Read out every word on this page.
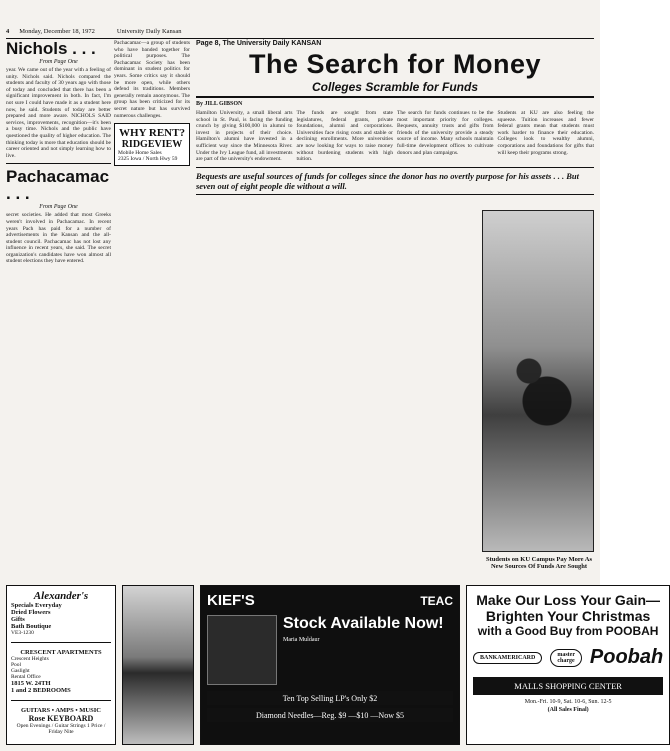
4 Monday, December 18, 1972	University Daily Kansan
Nichols . . .
From Page One

year. We came out of the year with a feeling of unity. Nichols said. Nichols compared the students and faculty of 30 years ago with those of today and concluded that there has been a significant improvement in both. In fact, I'm not sure I could have made it as a student here now, he said. Students of today are better prepared and more aware. NICHOLS SAID services, improvements, recognition—it's been a busy time. Nichols and the public have questioned the quality of higher education. The thinking today is more that education should be career oriented and not simply learning how to live.

Pachacamac . . .
From Page One

secret societies. He added that most Greeks weren't involved in Pachacamac. In recent years Pach has paid for a number of advertisements in the Kansan and the all-student council. Pachacamac has not lost any influence in recent years, she said. The secret organization's candidates have won almost all student elections they have entered.

Pachacamac—a group of students who have banded together for political purposes. The Pachacamac Society has been dominant in student politics for years. Some critics say it should be more open, while others defend its traditions. Members generally remain anonymous. The group has been criticized for its secret nature but has survived numerous challenges.

WHY RENT?
RIDGEVIEW
Mobile Home Sales
2325 Iowa / North Hwy 59
Page 8, The University Daily KANSAN
The Search for Money
Colleges Scramble for Funds
By JILL GIBSON
Hamilton University, a small liberal arts school in St. Paul, is facing the funding crunch by giving $100,000 in alumni to invest in projects of their choice. Hamilton's alumni have invested in a sufficient way since the Minnesota River. Under the Ivy League fund, all investments are part of the university's endowment.
The funds are sought from state legislatures, federal grants, private foundations, alumni and corporations. Universities face rising costs and stable or declining enrollments. More universities are now looking for ways to raise money without burdening students with high tuition.
The search for funds continues to be the most important priority for colleges. Bequests, annuity trusts and gifts from friends of the university provide a steady source of income. Many schools maintain full-time development offices to cultivate donors and plan campaigns.
Students at KU are also feeling the squeeze. Tuition increases and fewer federal grants mean that students must work harder to finance their education. Colleges look to wealthy alumni, corporations and foundations for gifts that will keep their programs strong.
Bequests are useful sources of funds for colleges since the donor has no overtly purpose for his assets . . . But seven out of eight people die without a will.
Students on KU Campus Pay More As New Sources Of Funds Are Sought
Alexander's
Specials Everyday
Dried Flowers
Gifts
Bath Boutique
VE3-1230
CRESCENT APARTMENTS
Crescent Heights
Pool
Gaslight
Rental Office
1815 W. 24TH
1 and 2 BEDROOMS
GUITARS • AMPS • MUSIC
Rose KEYBOARD
Open Evenings / Guitar Strings 1 Price / Friday Nite
KIEF'S	TEAC
Stock Available Now!
Maria Muldaur
Ten Top Selling LP's Only $2
Diamond Needles—Reg. $9 —$10 —Now $5
Make Our Loss Your Gain—
Brighten Your Christmas
with a Good Buy from POOBAH
BANKAMERICARD	master charge Poobah
MALLS SHOPPING CENTER
Mon.-Fri. 10-9, Sat. 10-6, Sun. 12-5
(All Sales Final)
